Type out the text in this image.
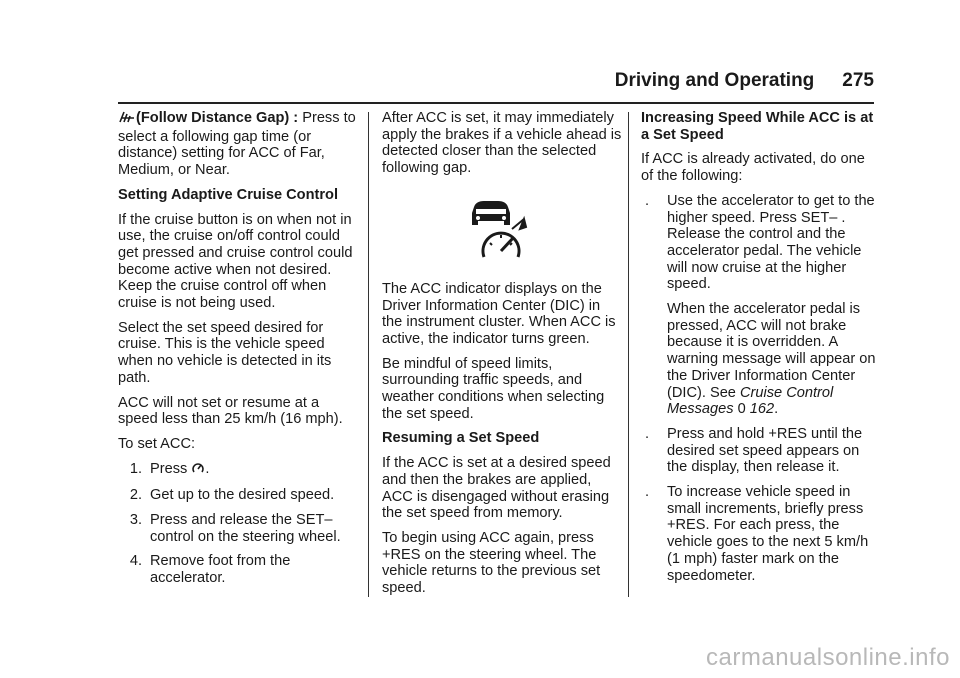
Driving and Operating 275

(Follow Distance Gap) : Press to select a following gap time (or distance) setting for ACC of Far, Medium, or Near.

Setting Adaptive Cruise Control

If the cruise button is on when not in use, the cruise on/off control could get pressed and cruise control could become active when not desired. Keep the cruise control off when cruise is not being used.

Select the set speed desired for cruise. This is the vehicle speed when no vehicle is detected in its path.

ACC will not set or resume at a speed less than 25 km/h (16 mph).

To set ACC:

1. Press .
2. Get up to the desired speed.
3. Press and release the SET– control on the steering wheel.
4. Remove foot from the accelerator.

After ACC is set, it may immediately apply the brakes if a vehicle ahead is detected closer than the selected following gap.

The ACC indicator displays on the Driver Information Center (DIC) in the instrument cluster. When ACC is active, the indicator turns green.

Be mindful of speed limits, surrounding traffic speeds, and weather conditions when selecting the set speed.

Resuming a Set Speed

If the ACC is set at a desired speed and then the brakes are applied, ACC is disengaged without erasing the set speed from memory.

To begin using ACC again, press +RES on the steering wheel. The vehicle returns to the previous set speed.

Increasing Speed While ACC is at a Set Speed

If ACC is already activated, do one of the following:

.	Use the accelerator to get to the higher speed. Press SET– . Release the control and the accelerator pedal. The vehicle will now cruise at the higher speed.

When the accelerator pedal is pressed, ACC will not brake because it is overridden. A warning message will appear on the Driver Information Center (DIC). See Cruise Control Messages 0 162.

.	Press and hold +RES until the desired set speed appears on the display, then release it.
.	To increase vehicle speed in small increments, briefly press +RES. For each press, the vehicle goes to the next 5 km/h (1 mph) faster mark on the speedometer.
carmanualsonline.info
